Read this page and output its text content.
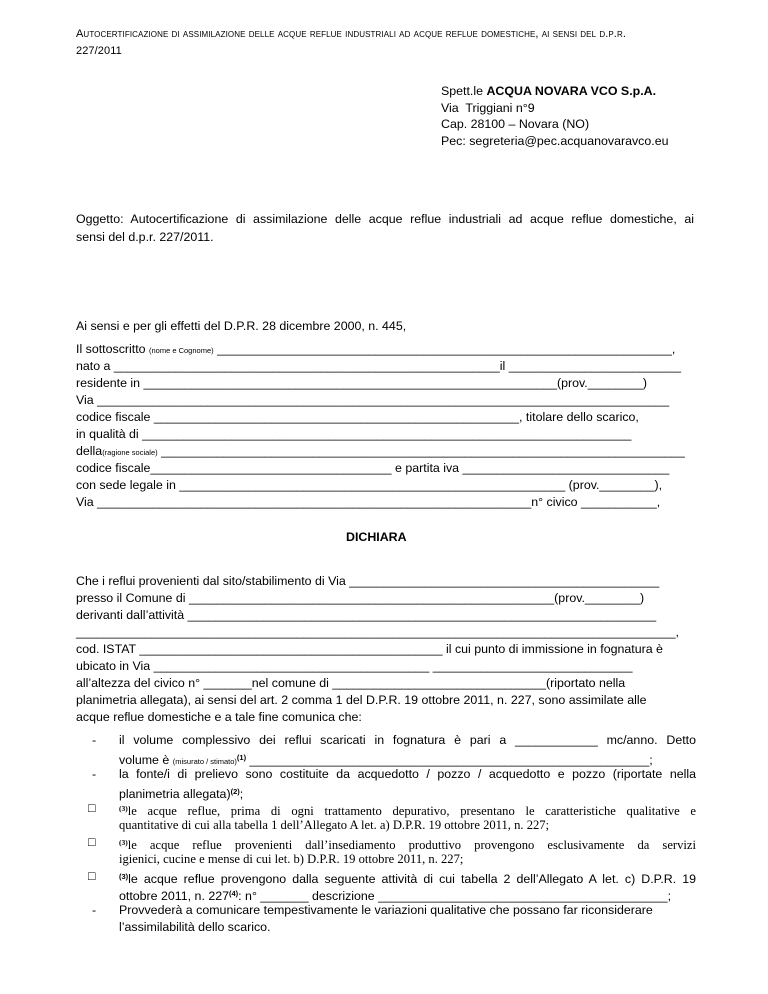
Autocertificazione di assimilazione delle acque reflue industriali ad acque reflue domestiche, ai sensi del d.p.r.
227/2011
Spett.le ACQUA NOVARA VCO S.p.A.
Via  Triggiani n°9
Cap. 28100 – Novara (NO)
Pec: segreteria@pec.acquanovaravco.eu
Oggetto: Autocertificazione di assimilazione delle acque reflue industriali ad acque reflue domestiche, ai
sensi del d.p.r. 227/2011.
Ai sensi e per gli effetti del D.P.R. 28 dicembre 2000, n. 445,
Il sottoscritto (nome e Cognome) __________________________________________________________________,
nato a ________________________________________________________il _________________________
residente in ____________________________________________________________(prov.________)
Via ___________________________________________________________________________________
codice fiscale _____________________________________________________, titolare dello scarico,
in qualità di _______________________________________________________________________
della(ragione sociale) ____________________________________________________________________________
codice fiscale___________________________________ e partita iva ______________________________
con sede legale in ________________________________________________________ (prov.________),
Via _______________________________________________________________n° civico ___________,
DICHIARA
Che i reflui provenienti dal sito/stabilimento di Via _____________________________________________
presso il Comune di _____________________________________________________(prov.________)
derivanti dall’attività ____________________________________________________________________
_______________________________________________________________________________________,
cod. ISTAT ____________________________________________ il cui punto di immissione in fognatura è
ubicato in Via ________________________________________ _____________________________
all’altezza del civico n° _______nel comune di _______________________________(riportato nella
planimetria allegata), ai sensi del art. 2 comma 1 del D.P.R. 19 ottobre 2011, n. 227, sono assimilate alle
acque reflue domestiche e a tale fine comunica che:
- il volume complessivo dei reflui scaricati in fognatura è pari a ____________ mc/anno. Detto
volume è (misurato / stimato)$^{(1)}$ __________________________________________________________;
- la fonte/i di prelievo sono costituite da acquedotto / pozzo / acquedotto e pozzo (riportate nella
planimetria allegata)$^{(2)}$;
□	$^{(3)}$le acque reflue, prima di ogni trattamento depurativo, presentano le caratteristiche qualitative e
quantitative di cui alla tabella 1 dell’Allegato A let. a) D.P.R. 19 ottobre 2011, n. 227;
□	$^{(3)}$le acque reflue provenienti dall’insediamento produttivo provengono esclusivamente da servizi
igienici, cucine e mense di cui let. b) D.P.R. 19 ottobre 2011, n. 227;
□	$^{(3)}$le acque reflue provengono dalla seguente attività di cui tabella 2 dell’Allegato A let. c) D.P.R. 19
ottobre 2011, n. 227$^{(4)}$: n° _______ descrizione __________________________________________;
- Provvederà a comunicare tempestivamente le variazioni qualitative che possano far riconsiderare
l’assimilabilità dello scarico.
